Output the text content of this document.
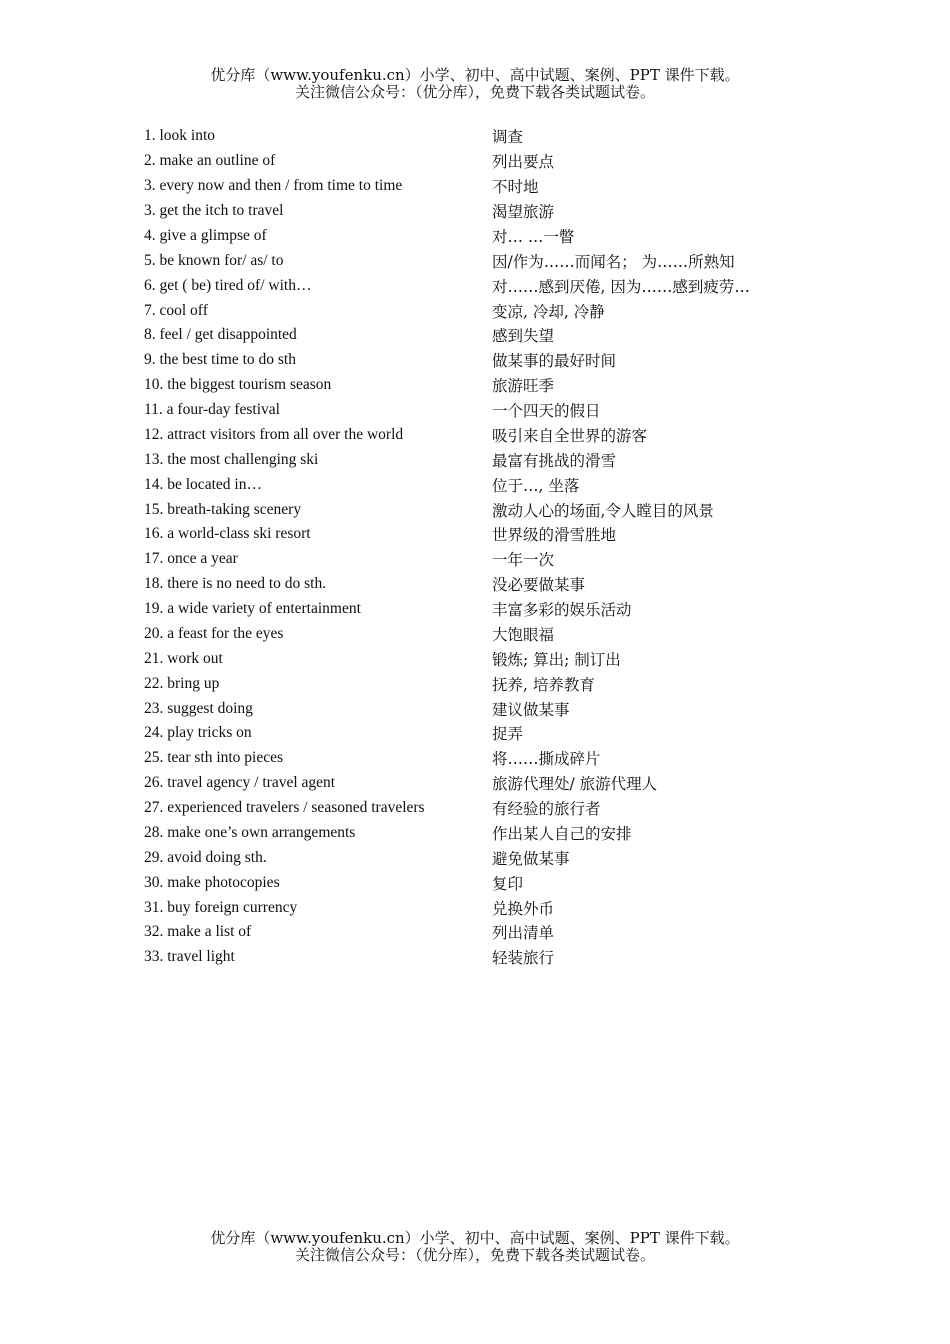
优分库（www.youfenku.cn）小学、初中、高中试题、案例、PPT 课件下载。
关注微信公众号：（优分库），免费下载各类试题试卷。
1. look into	调查
2. make an outline of	列出要点
3. every now and then / from time to time	不时地
3. get the itch to travel	渴望旅游
4. give a glimpse of	对… …一瞥
5. be known for/ as/ to	因/作为……而闻名； 为……所熟知
6. get ( be) tired of/ with…	对……感到厌倦, 因为……感到疲劳…
7. cool off	变凉, 冷却, 冷静
8. feel / get disappointed	感到失望
9. the best time to do sth	做某事的最好时间
10. the biggest tourism season	旅游旺季
11. a four-day festival	一个四天的假日
12. attract visitors from all over the world	吸引来自全世界的游客
13. the most challenging ski	最富有挑战的滑雪
14. be located in…	位于…, 坐落
15. breath-taking scenery	激动人心的场面,令人瞠目的风景
16. a world-class ski resort	世界级的滑雪胜地
17. once a year	一年一次
18. there is no need to do sth.	没必要做某事
19. a wide variety of entertainment	丰富多彩的娱乐活动
20. a feast for the eyes	大饱眼福
21. work out	锻炼; 算出; 制订出
22. bring up	抚养, 培养教育
23. suggest doing	建议做某事
24. play tricks on	捉弄
25. tear sth into pieces	将……撕成碎片
26. travel agency / travel agent	旅游代理处/ 旅游代理人
27. experienced travelers / seasoned travelers	有经验的旅行者
28. make one’s own arrangements	作出某人自己的安排
29. avoid doing sth.	避免做某事
30. make photocopies	复印
31. buy foreign currency	兑换外币
32. make a list of	列出清单
33. travel light	轻装旅行
优分库（www.youfenku.cn）小学、初中、高中试题、案例、PPT 课件下载。
关注微信公众号：（优分库），免费下载各类试题试卷。
